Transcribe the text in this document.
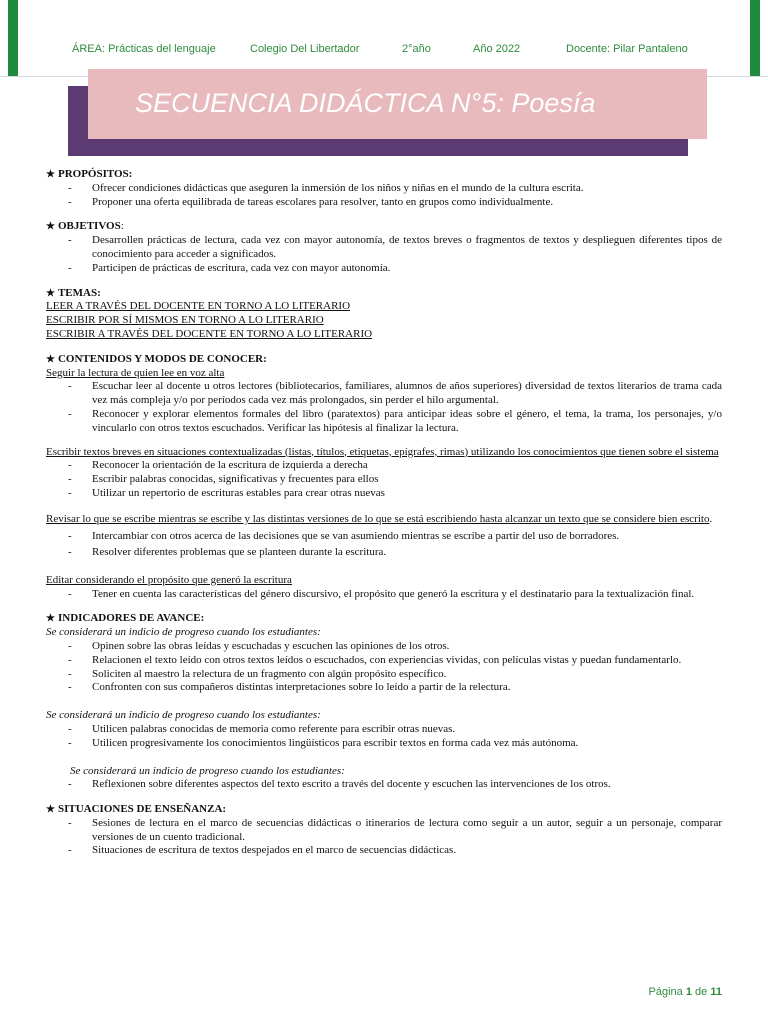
ÁREA: Prácticas del lenguaje	Colegio Del Libertador	2°año	Año 2022	Docente: Pilar Pantaleno
SECUENCIA DIDÁCTICA N°5: Poesía
★ PROPÓSITOS:
- Ofrecer condiciones didácticas que aseguren la inmersión de los niños y niñas en el mundo de la cultura escrita.
- Proponer una oferta equilibrada de tareas escolares para resolver, tanto en grupos como individualmente.
★ OBJETIVOS:
- Desarrollen prácticas de lectura, cada vez con mayor autonomía, de textos breves o fragmentos de textos y desplieguen diferentes tipos de conocimiento para acceder a significados.
- Participen de prácticas de escritura, cada vez con mayor autonomía.
★ TEMAS:
LEER A TRAVÉS DEL DOCENTE EN TORNO A LO LITERARIO
ESCRIBIR POR SÍ MISMOS EN TORNO A LO LITERARIO
ESCRIBIR A TRAVÉS DEL DOCENTE EN TORNO A LO LITERARIO
★ CONTENIDOS Y MODOS DE CONOCER:
Seguir la lectura de quien lee en voz alta
- Escuchar leer al docente u otros lectores (bibliotecarios, familiares, alumnos de años superiores) diversidad de textos literarios de trama cada vez más compleja y/o por períodos cada vez más prolongados, sin perder el hilo argumental.
- Reconocer y explorar elementos formales del libro (paratextos) para anticipar ideas sobre el género, el tema, la trama, los personajes, y/o vincularlo con otros textos escuchados. Verificar las hipótesis al finalizar la lectura.
Escribir textos breves en situaciones contextualizadas (listas, títulos, etiquetas, epígrafes, rimas) utilizando los conocimientos que tienen sobre el sistema
- Reconocer la orientación de la escritura de izquierda a derecha
- Escribir palabras conocidas, significativas y frecuentes para ellos
- Utilizar un repertorio de escrituras estables para crear otras nuevas
Revisar lo que se escribe mientras se escribe y las distintas versiones de lo que se está escribiendo hasta alcanzar un texto que se considere bien escrito.
- Intercambiar con otros acerca de las decisiones que se van asumiendo mientras se escribe a partir del uso de borradores.
- Resolver diferentes problemas que se planteen durante la escritura.
Editar considerando el propósito que generó la escritura
- Tener en cuenta las características del género discursivo, el propósito que generó la escritura y el destinatario para la textualización final.
★ INDICADORES DE AVANCE:
Se considerará un indicio de progreso cuando los estudiantes:
- Opinen sobre las obras leídas y escuchadas y escuchen las opiniones de los otros.
- Relacionen el texto leído con otros textos leídos o escuchados, con experiencias vividas, con películas vistas y puedan fundamentarlo.
- Soliciten al maestro la relectura de un fragmento con algún propósito específico.
- Confronten con sus compañeros distintas interpretaciones sobre lo leído a partir de la relectura.
Se considerará un indicio de progreso cuando los estudiantes:
- Utilicen palabras conocidas de memoria como referente para escribir otras nuevas.
- Utilicen progresivamente los conocimientos lingüísticos para escribir textos en forma cada vez más autónoma.
Se considerará un indicio de progreso cuando los estudiantes:
- Reflexionen sobre diferentes aspectos del texto escrito a través del docente y escuchen las intervenciones de los otros.
★ SITUACIONES DE ENSEÑANZA:
- Sesiones de lectura en el marco de secuencias didácticas o itinerarios de lectura como seguir a un autor, seguir a un personaje, comparar versiones de un cuento tradicional.
- Situaciones de escritura de textos despejados en el marco de secuencias didácticas.
Página 1 de 11
